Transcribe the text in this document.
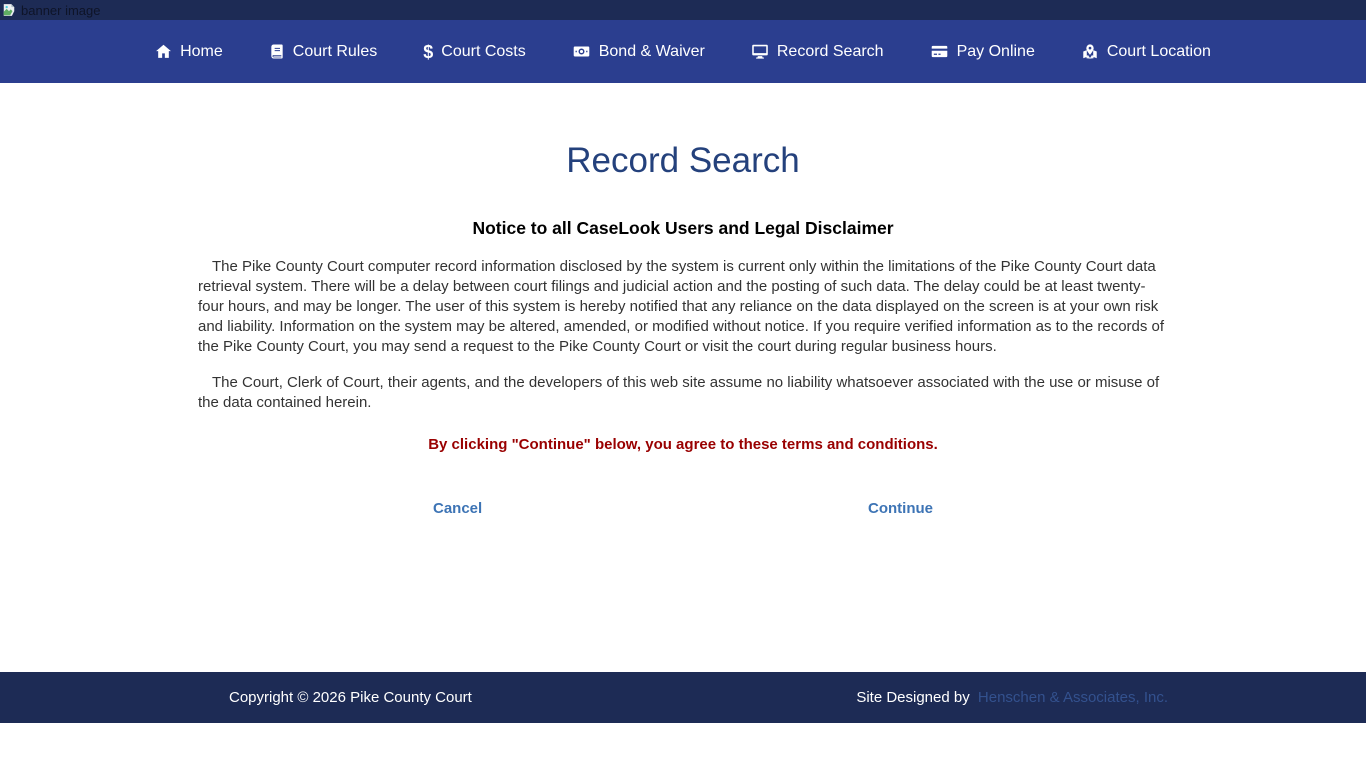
banner image
Home	Court Rules	$ Court Costs	Bond & Waiver	Record Search	Pay Online	Court Location
Record Search
Notice to all CaseLook Users and Legal Disclaimer

The Pike County Court computer record information disclosed by the system is current only within the limitations of the Pike County Court data retrieval system. There will be a delay between court filings and judicial action and the posting of such data. The delay could be at least twenty-four hours, and may be longer. The user of this system is hereby notified that any reliance on the data displayed on the screen is at your own risk and liability. Information on the system may be altered, amended, or modified without notice. If you require verified information as to the records of the Pike County Court, you may send a request to the Pike County Court or visit the court during regular business hours.

The Court, Clerk of Court, their agents, and the developers of this web site assume no liability whatsoever associated with the use or misuse of the data contained herein.

By clicking "Continue" below, you agree to these terms and conditions.
Cancel	Continue
Copyright © 2026 Pike County Court	Site Designed by Henschen & Associates, Inc.
